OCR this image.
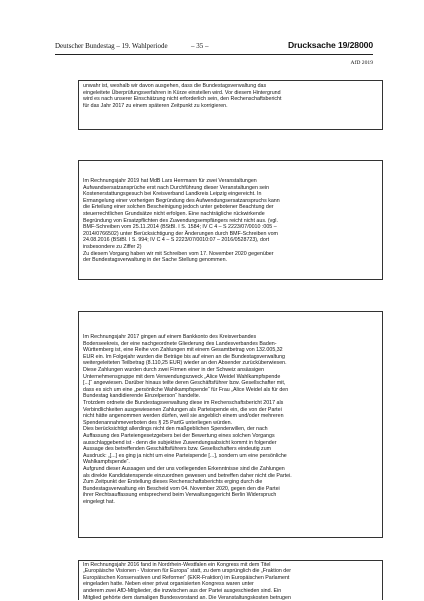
Deutscher Bundestag – 19. Wahlperiode	– 35 –	Drucksache 19/28000
AfD 2019
unwahr ist, weshalb wir davon ausgehen, dass die Bundestagsverwaltung das
eingeleitete Überprüfungsverfahren in Kürze einstellen wird. Vor diesem Hintergrund
wird es nach unserer Einschätzung nicht erforderlich sein, den Rechenschaftsbericht
für das Jahr 2017 zu einem späteren Zeitpunkt zu korrigieren.
Im Rechnungsjahr 2019 hat MdB Lars Herrmann für zwei Veranstaltungen
Aufwandsersatzansprüche erst nach Durchführung dieser Veranstaltungen sein
Kostenerstattungsgesuch bei Kreisverband Landkreis Leipzig eingereicht. In
Ermangelung einer vorherigen Begründung des Aufwendungsersatzanspruchs kann
die Erteilung einer solchen Bescheinigung jedoch unter gebotener Beachtung der
steuerrechtlichen Grundsätze nicht erfolgen. Eine nachträgliche rückwirkende
Begründung von Ersatzpflichten des Zuwendungsempfängers reicht nicht aus. (vgl.
BMF-Schreiben vom 25.11.2014 (BStBl. I S. 1584; IV C 4 – S 2223/07/0010 :005 –
2014/0766502) unter Berücksichtigung der Änderungen durch BMF-Schreiben vom
24.08.2016 (BStBl. I S. 994; IV C 4 – S 2223/07/0010:07 – 2016/0528723), dort
insbesondere zu Ziffer 2)
Zu diesem Vorgang haben wir mit Schreiben vom 17. November 2020 gegenüber
der Bundestagsverwaltung in der Sache Stellung genommen.
Im Rechnungsjahr 2017 gingen auf einem Bankkonto des Kreisverbandes
Bodenseekreis, der eine nachgeordnete Gliederung des Landesverbandes Baden-
Württemberg ist, eine Reihe von Zahlungen mit einem Gesamtbetrag von 132.005,32
EUR ein. Im Folgejahr wurden die Beträge bis auf einen an die Bundestagsverwaltung
weitergeleiteten Teilbetrag (8.110,25 EUR) wieder an den Absender zurücküberwiesen.
Diese Zahlungen wurden durch zwei Firmen einer in der Schweiz ansässigen
Unternehmensgruppe mit dem Verwendungszweck „Alice Weidel Wahlkampfspende
[...]“ angewiesen. Darüber hinaus teilte deren Geschäftsführer bzw. Gesellschafter mit,
dass es sich um eine „persönliche Wahlkampfspende“ für Frau „Alice Weidel als für den
Bundestag kandidierende Einzelperson“ handelte.
Trotzdem ordnete die Bundestagsverwaltung diese im Rechenschaftsbericht 2017 als
Verbindlichkeiten ausgewiesenen Zahlungen als Parteispende ein, die von der Partei
nicht hätte angenommen werden dürfen, weil sie angeblich einem und/oder mehreren
Spendenannahmeverboten des § 25 PartG unterliegen würden.
Dies berücksichtigt allerdings nicht den maßgeblichen Spenderwillen, der nach
Auffassung des Parteiengesetzgebers bei der Bewertung eines solchen Vorgangs
ausschlaggebend ist - denn die subjektive Zuwendungsabsicht kommt in folgender
Aussage des betreffenden Geschäftsführers bzw. Gesellschafters eindeutig zum
Ausdruck: „[...] es ging ja nicht um eine Parteispende [...], sondern um eine persönliche
Wahlkampfspende“.
Aufgrund dieser Aussagen und der uns vorliegenden Erkenntnisse sind die Zahlungen
als direkte Kandidatenspende einzuordnen gewesen und betreffen daher nicht die Partei.
Zum Zeitpunkt der Erstellung dieses Rechenschaftsberichts erging durch die
Bundestagsverwaltung ein Bescheid vom 04. November 2020, gegen den die Partei
ihrer Rechtsauffassung entsprechend beim Verwaltungsgericht Berlin Widerspruch
eingelegt hat.
Im Rechnungsjahr 2016 fand in Nordrhein-Westfalen ein Kongress mit dem Titel
„Europäische Visionen - Visionen für Europa“ statt, zu dem ursprünglich die „Fraktion der
Europäischen Konservativen und Reformer“ (EKR-Fraktion) im Europäischen Parlament
eingeladen hatte. Neben einer privat organisierten Kongress waren unter
anderem zwei AfD-Mitglieder, die inzwischen aus der Partei ausgeschieden sind. Ein
Mitglied gehörte dem damaligen Bundesvorstand an. Die Veranstaltungskosten betrugen
